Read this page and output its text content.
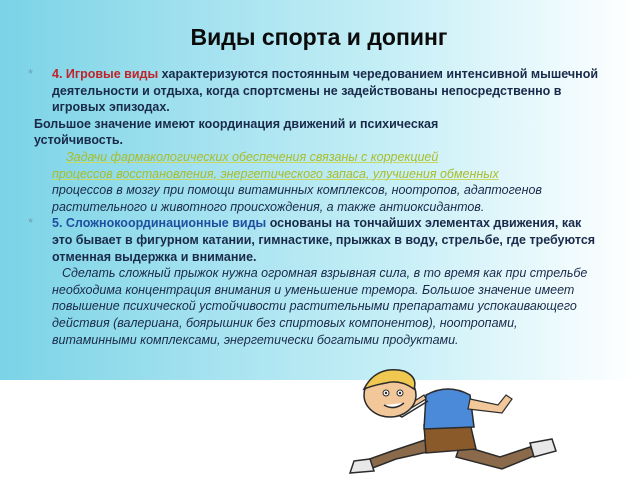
Виды спорта и допинг
* 4. Игровые виды характеризуются постоянным чередованием интенсивной мышечной деятельности и отдыха, когда спортсмены не задействованы непосредственно в игровых эпизодах.
Большое значение имеют координация движений и психическая
устойчивость.
Задачи фармакологических обеспечения связаны с коррекцией
процессов восстановления, энергетического запаса, улучшения обменных
процессов в мозгу при помощи витаминных комплексов, ноотропов, адаптогенов растительного и животного происхождения, а также антиоксидантов.
* 5. Сложнокоординационные виды основаны на тончайших элементах движения, как это бывает в фигурном катании, гимнастике, прыжках в воду, стрельбе, где требуются отменная выдержка и внимание.
Сделать сложный прыжок нужна огромная взрывная сила, в то время как при стрельбе необходима концентрация внимания и уменьшение тремора. Большое значение имеет повышение психической устойчивости растительными препаратами успокаивающего действия (валериана, боярышник без спиртовых компонентов), ноотропами, витаминными комплексами, энергетически богатыми продуктами.
